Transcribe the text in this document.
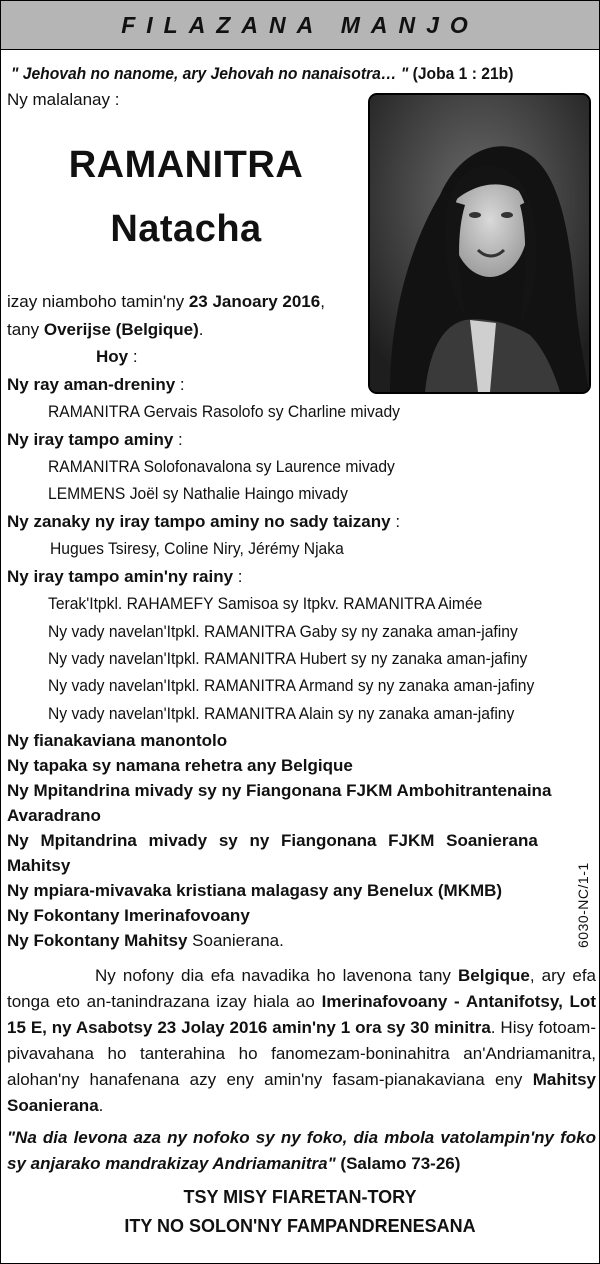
FILAZANA MANJO
" Jehovah no nanome, ary Jehovah no nanaisotra… " (Joba 1 : 21b)
Ny malalanay :
RAMANITRA
Natacha
izay niamboho tamin'ny 23 Janoary 2016,
tany Overijse (Belgique).
Hoy :
Ny ray aman-dreniny :
RAMANITRA Gervais Rasolofo sy Charline mivady
Ny iray tampo aminy :
RAMANITRA Solofonavalona sy Laurence mivady
LEMMENS Joël sy Nathalie Haingo mivady
Ny zanaky ny iray tampo aminy no sady taizany :
Hugues Tsiresy, Coline Niry, Jérémy Njaka
Ny iray tampo amin'ny rainy :
Terak'Itpkl. RAHAMEFY Samisoa sy Itpkv. RAMANITRA Aimée
Ny vady navelan'Itpkl. RAMANITRA Gaby sy ny zanaka aman-jafiny
Ny vady navelan'Itpkl. RAMANITRA Hubert sy ny zanaka aman-jafiny
Ny vady navelan'Itpkl. RAMANITRA Armand sy ny zanaka aman-jafiny
Ny vady navelan'Itpkl. RAMANITRA Alain sy ny zanaka aman-jafiny
Ny fianakaviana manontolo
Ny tapaka sy namana rehetra any Belgique
Ny Mpitandrina mivady sy ny Fiangonana FJKM Ambohitrantenaina
Avaradrano
Ny Mpitandrina mivady sy ny Fiangonana FJKM Soanierana
Mahitsy
Ny mpiara-mivavaka kristiana malagasy any Benelux (MKMB)
Ny Fokontany Imerinafovoany
Ny Fokontany Mahitsy Soanierana.	6030-NC/1-1
Ny nofony dia efa navadika ho lavenona tany Belgique, ary efa tonga eto an-tanindrazana izay hiala ao Imerinafovoany - Antanifotsy, Lot 15 E, ny Asabotsy 23 Jolay 2016 amin'ny 1 ora sy 30 minitra. Hisy fotoam-pivavahana ho tanterahina ho fanomezam-boninahitra an'Andriamanitra, alohan'ny hanafenana azy eny amin'ny fasam-pianakaviana eny Mahitsy Soanierana.
"Na dia levona aza ny nofoko sy ny foko, dia mbola vatolampin'ny foko sy anjarako mandrakizay Andriamanitra" (Salamo 73-26)
TSY MISY FIARETAN-TORY
ITY NO SOLON'NY FAMPANDRENESANA
